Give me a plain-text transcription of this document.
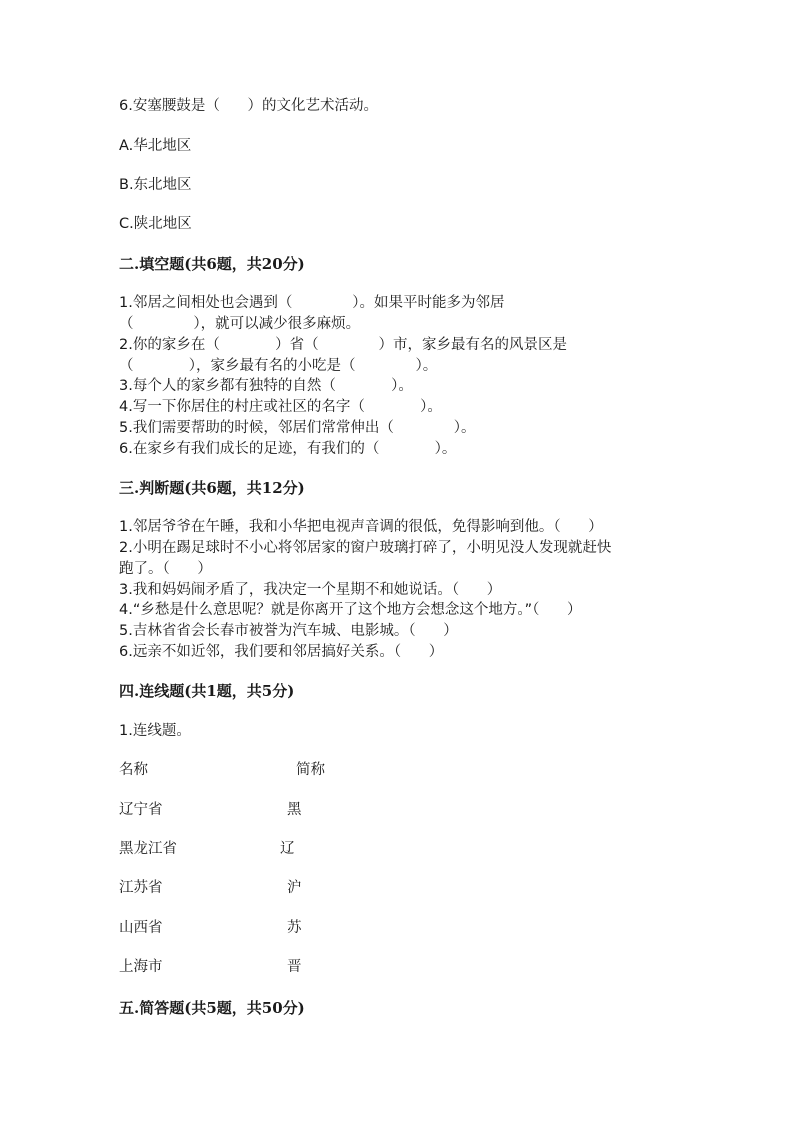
6.安塞腰鼓是（      ）的文化艺术活动。

A.华北地区

B.东北地区

C.陕北地区

二.填空题(共6题，共20分)

1.邻居之间相处也会遇到（             ）。如果平时能多为邻居

（             ），就可以减少很多麻烦。

2.你的家乡在（            ）省（             ）市，家乡最有名的风景区是

（            ），家乡最有名的小吃是（             ）。

3.每个人的家乡都有独特的自然（            ）。

4.写一下你居住的村庄或社区的名字（            ）。

5.我们需要帮助的时候，邻居们常常伸出（             ）。

6.在家乡有我们成长的足迹，有我们的（            ）。

三.判断题(共6题，共12分)

1.邻居爷爷在午睡，我和小华把电视声音调的很低，免得影响到他。（      ）

2.小明在踢足球时不小心将邻居家的窗户玻璃打碎了，小明见没人发现就赶快

跑了。（      ）

3.我和妈妈闹矛盾了，我决定一个星期不和她说话。（      ）

4.“乡愁是什么意思呢？就是你离开了这个地方会想念这个地方。”（      ）

5.吉林省省会长春市被誉为汽车城、电影城。（      ）

6.远亲不如近邻，我们要和邻居搞好关系。（      ）

四.连线题(共1题，共5分)

1.连线题。

名称	简称

辽宁省	黑

黑龙江省	辽

江苏省	沪

山西省	苏

上海市	晋

五.简答题(共5题，共50分)
